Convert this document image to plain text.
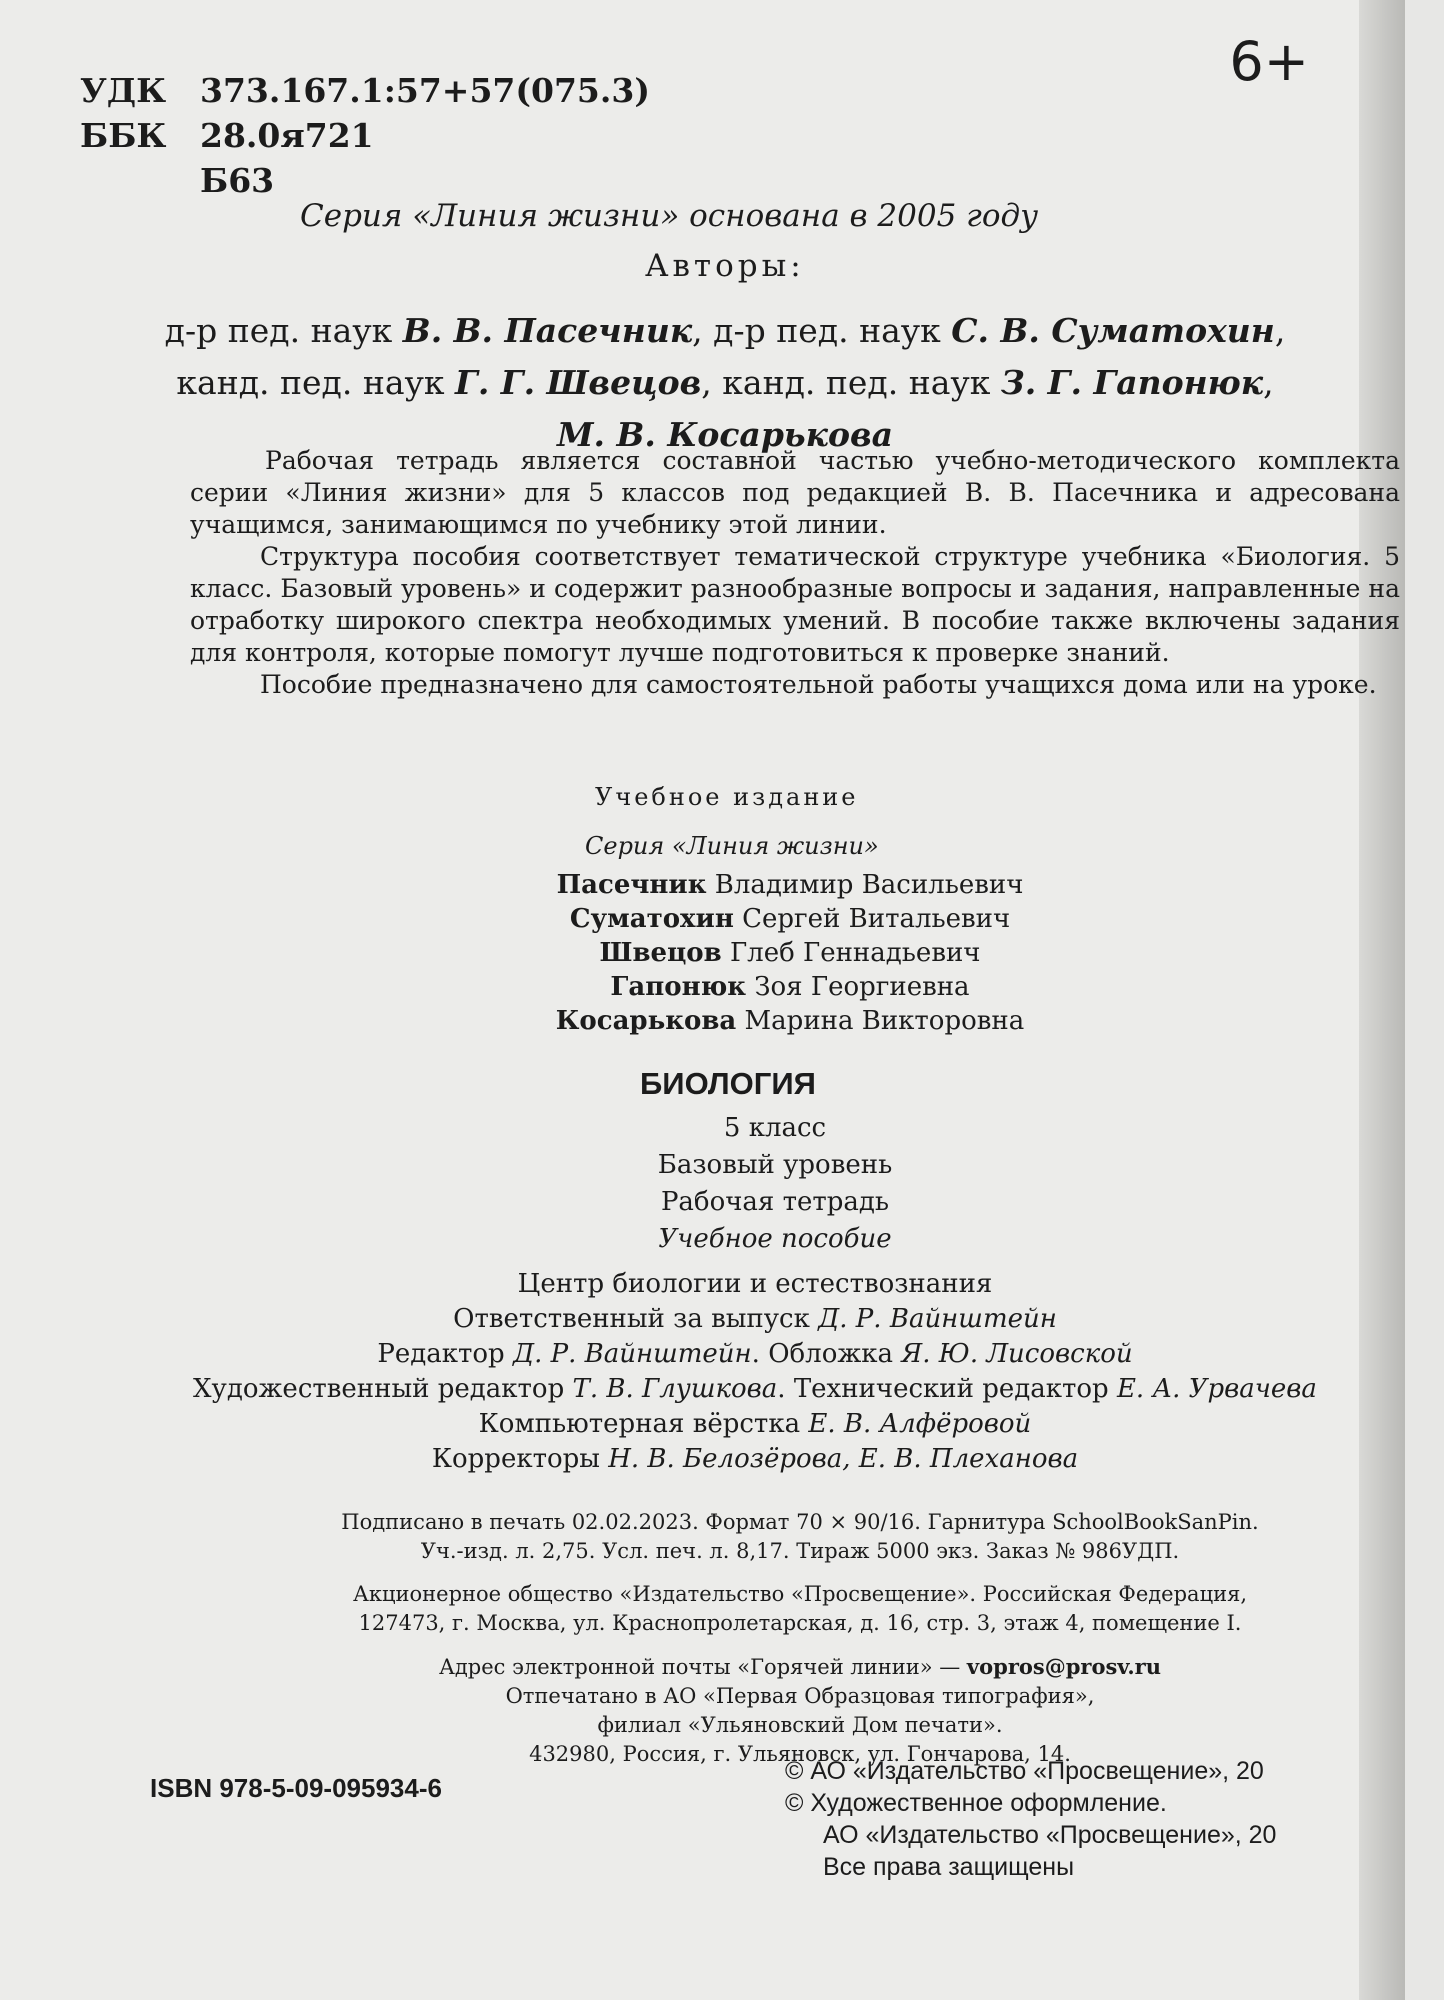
6+
УДК 373.167.1:57+57(075.3)
ББК 28.0я721
Б63
Серия «Линия жизни» основана в 2005 году
Авторы:
д-р пед. наук В. В. Пасечник, д-р пед. наук С. В. Суматохин,
канд. пед. наук Г. Г. Швецов, канд. пед. наук З. Г. Гапонюк,
М. В. Косарькова

Рабочая тетрадь является составной частью учебно-методического комплекта серии «Линия жизни» для 5 классов под редакцией В. В. Пасечника и адресована учащимся, занимающимся по учебнику этой линии.

Структура пособия соответствует тематической структуре учебника «Биология. 5 класс. Базовый уровень» и содержит разнообразные вопросы и задания, направленные на отработку широкого спектра необходимых умений. В пособие также включены задания для контроля, которые помогут лучше подготовиться к проверке знаний.

Пособие предназначено для самостоятельной работы учащихся дома или на уроке.

Учебное издание
Серия «Линия жизни»
Пасечник Владимир Васильевич
Суматохин Сергей Витальевич
Швецов Глеб Геннадьевич
Гапонюк Зоя Георгиевна
Косарькова Марина Викторовна
БИОЛОГИЯ
5 класс
Базовый уровень
Рабочая тетрадь
Учебное пособие
Центр биологии и естествознания
Ответственный за выпуск Д. Р. Вайнштейн
Редактор Д. Р. Вайнштейн. Обложка Я. Ю. Лисовской
Художественный редактор Т. В. Глушкова. Технический редактор Е. А. Урвачева
Компьютерная вёрстка Е. В. Алфёровой
Корректоры Н. В. Белозёрова, Е. В. Плеханова
Подписано в печать 02.02.2023. Формат 70 × 90/16. Гарнитура SchoolBookSanPin.
Уч.-изд. л. 2,75. Усл. печ. л. 8,17. Тираж 5000 экз. Заказ № 986УДП.
Акционерное общество «Издательство «Просвещение». Российская Федерация,
127473, г. Москва, ул. Краснопролетарская, д. 16, стр. 3, этаж 4, помещение I.
Адрес электронной почты «Горячей линии» — vopros@prosv.ru
Отпечатано в АО «Первая Образцовая типография»,
филиал «Ульяновский Дом печати».
432980, Россия, г. Ульяновск, ул. Гончарова, 14.
ISBN 978-5-09-095934-6
© АО «Издательство «Просвещение», 20
© Художественное оформление.
АО «Издательство «Просвещение», 20
Все права защищены
